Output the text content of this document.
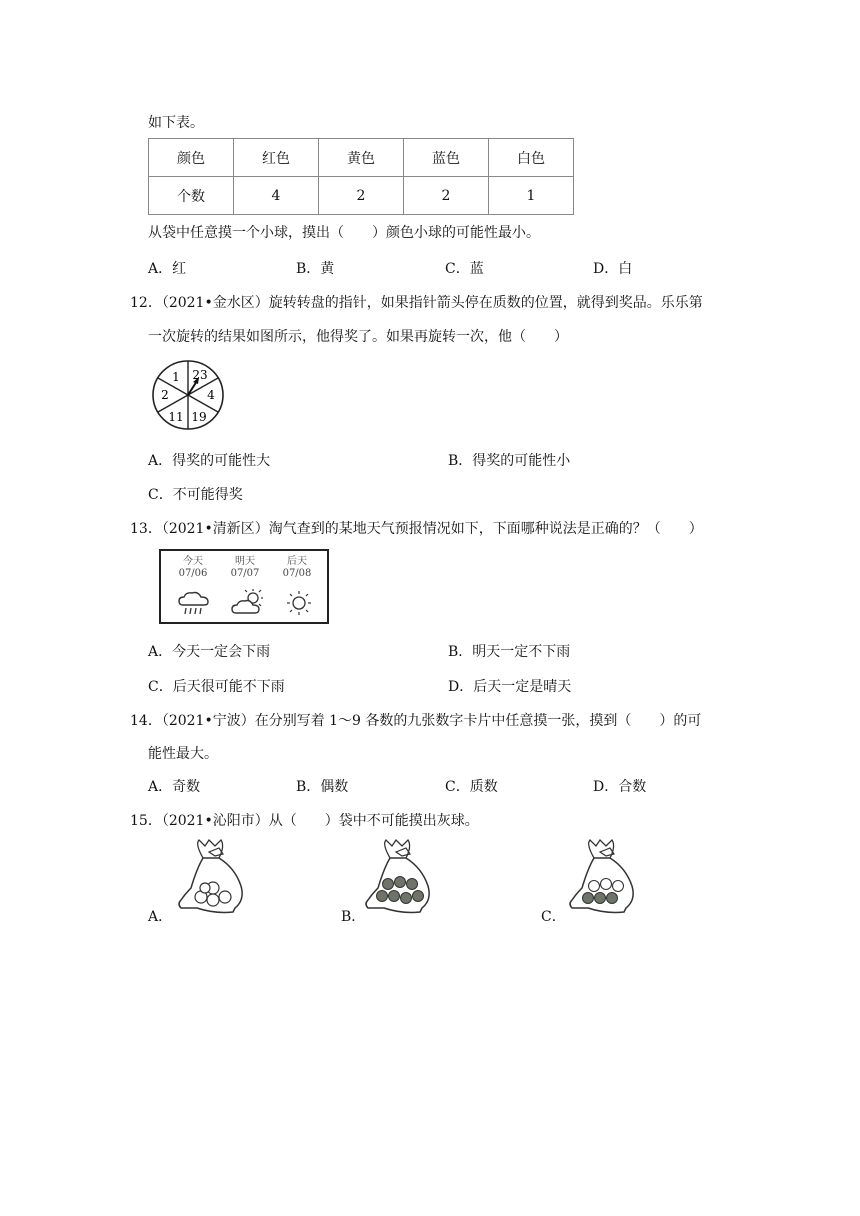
如下表。
颜色	红色	黄色	蓝色	白色
个数	4	2	2	1
从袋中任意摸一个小球，摸出（　　）颜色小球的可能性最小。
A．红	B．黄	C．蓝	D．白
12．（2021•金水区）旋转转盘的指针，如果指针箭头停在质数的位置，就得到奖品。乐乐第
一次旋转的结果如图所示，他得奖了。如果再旋转一次，他（　　）
1 23
4
19
11
2
A．得奖的可能性大	B．得奖的可能性小
C．不可能得奖
13．（2021•清新区）淘气查到的某地天气预报情况如下，下面哪种说法是正确的？（　　）
今天
07/06
明天
07/07
后天
07/08
A．今天一定会下雨	B．明天一定不下雨
C．后天很可能不下雨	D．后天一定是晴天
14．（2021•宁波）在分别写着 1～9 各数的九张数字卡片中任意摸一张，摸到（　　）的可
能性最大。
A．奇数	B．偶数	C．质数	D．合数
15．（2021•沁阳市）从（　　）袋中不可能摸出灰球。
A．	B．	C．
